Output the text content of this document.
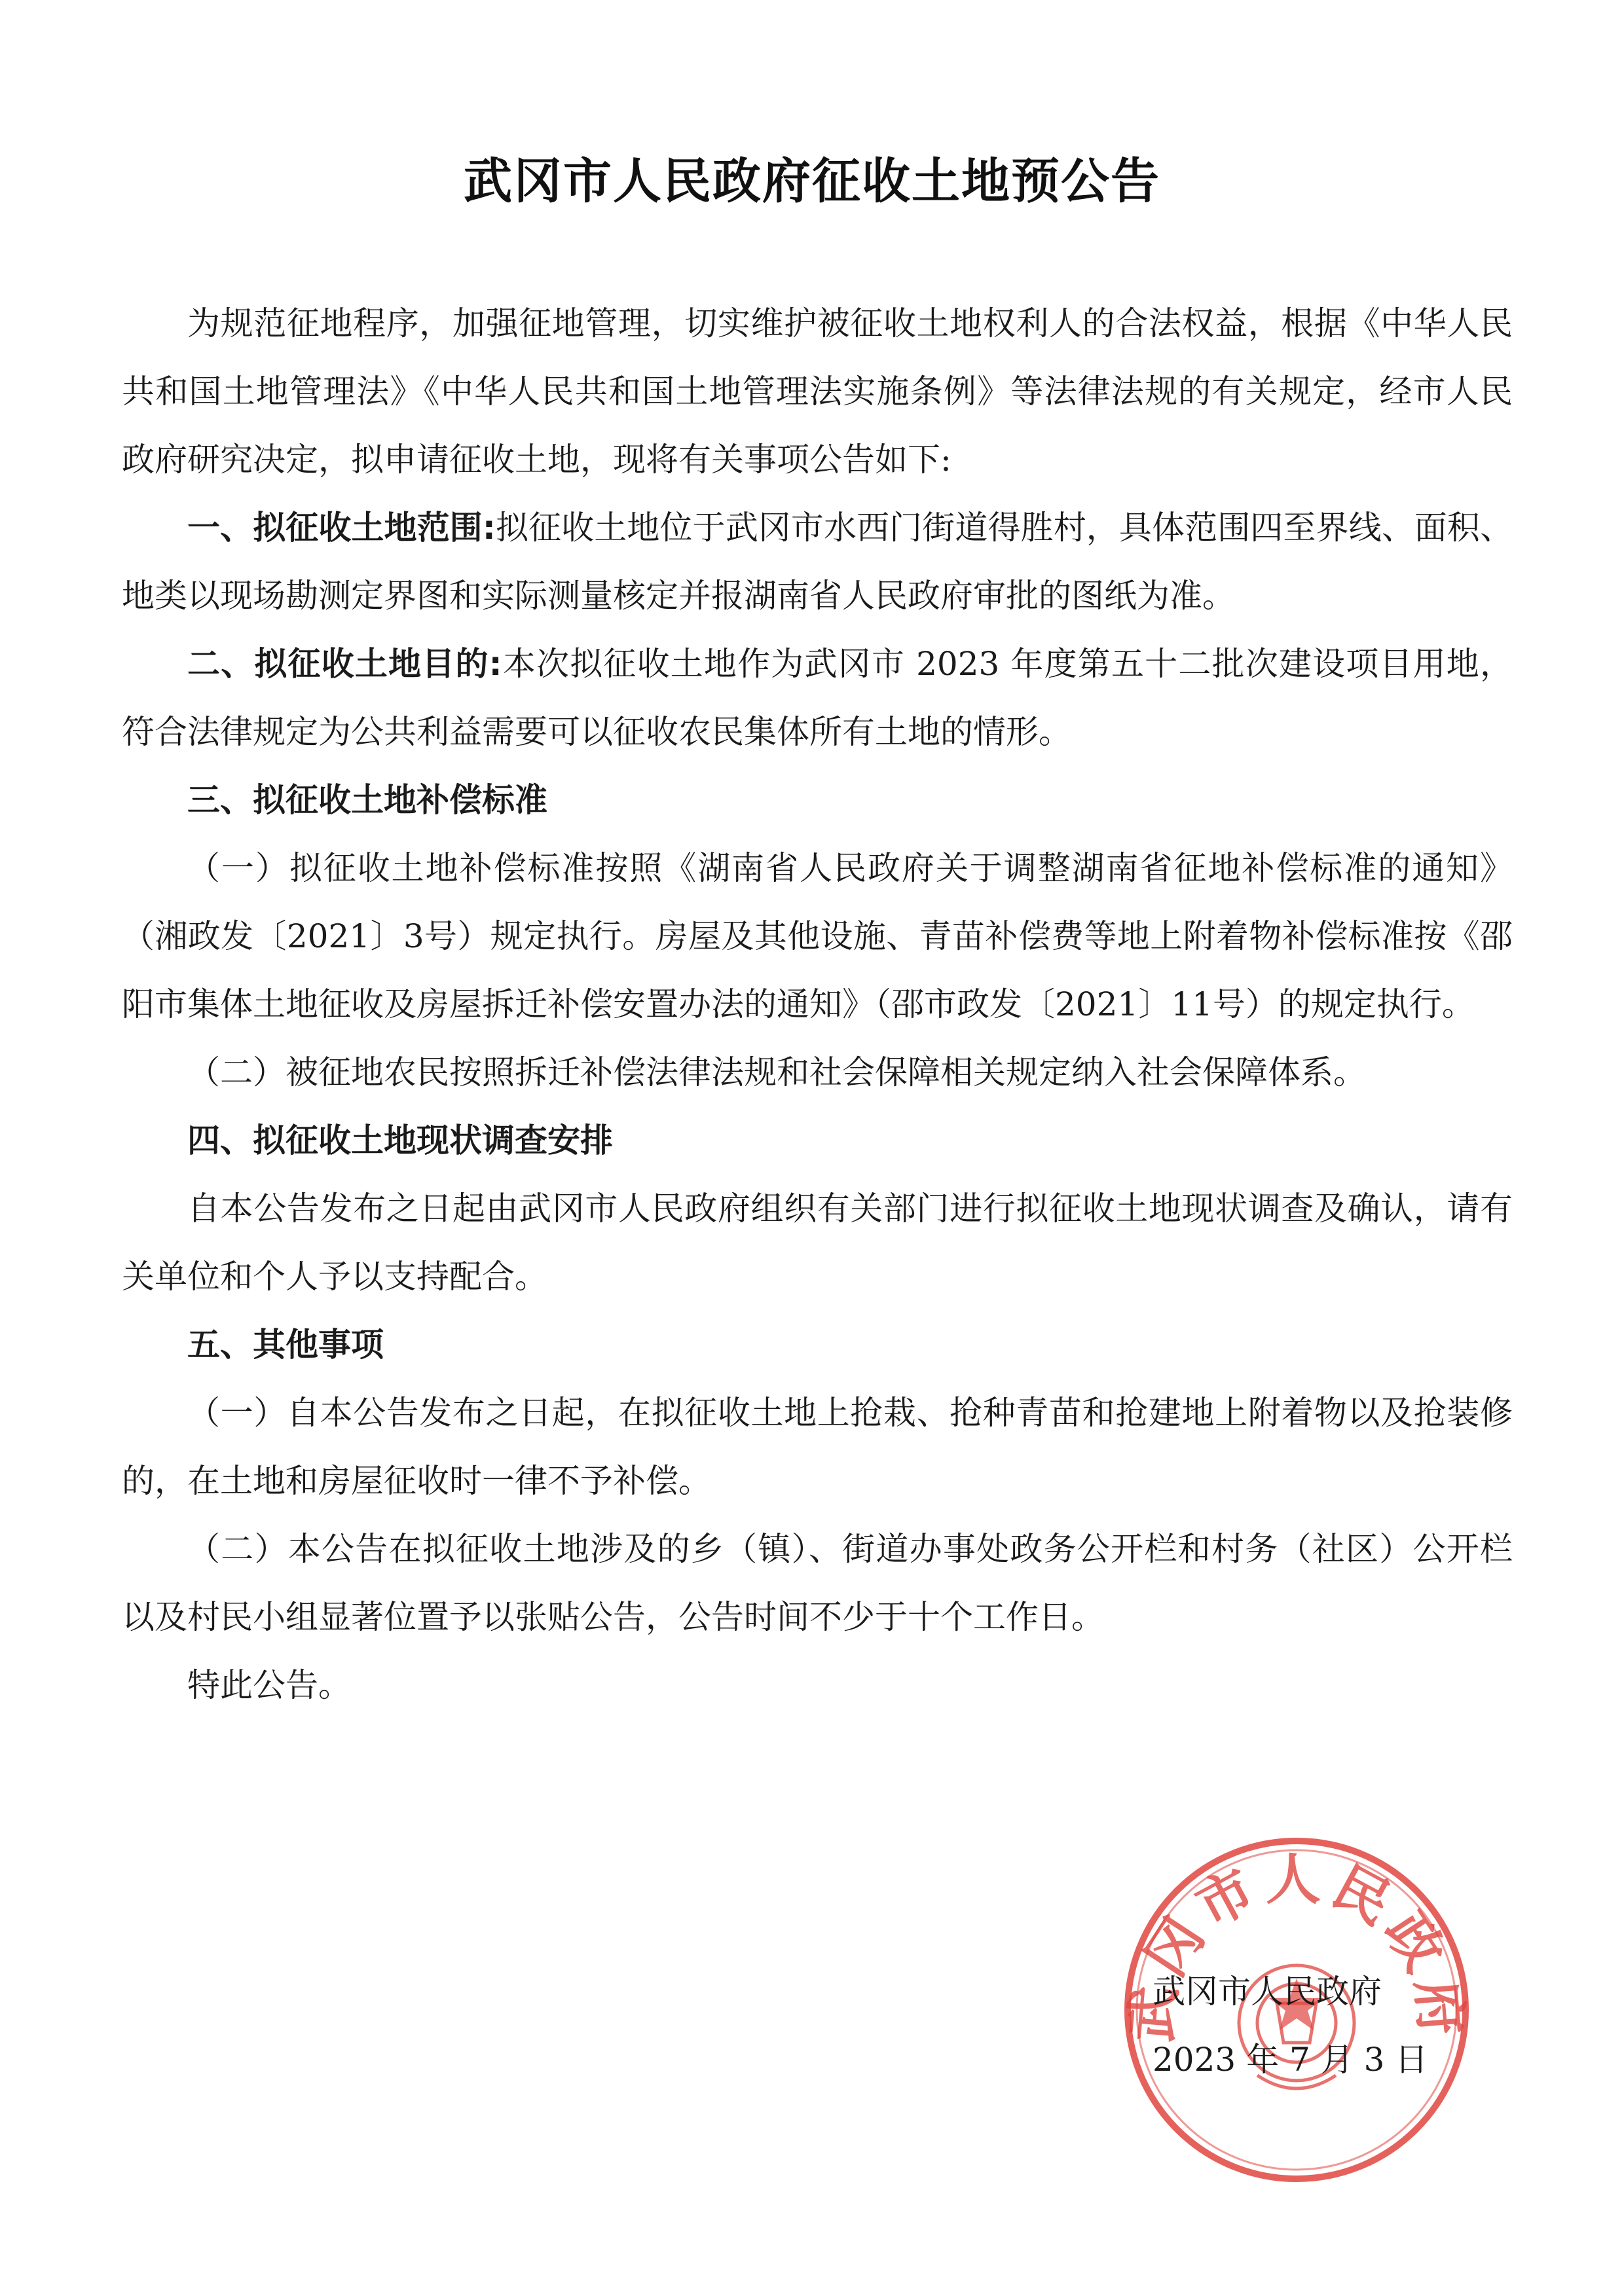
武冈市人民政府征收土地预公告

为规范征地程序，加强征地管理，切实维护被征收土地权利人的合法权益，根据《中华人民共和国土地管理法》《中华人民共和国土地管理法实施条例》等法律法规的有关规定，经市人民政府研究决定，拟申请征收土地，现将有关事项公告如下:

一、拟征收土地范围:拟征收土地位于武冈市水西门街道得胜村，具体范围四至界线、面积、地类以现场勘测定界图和实际测量核定并报湖南省人民政府审批的图纸为准。

二、拟征收土地目的:本次拟征收土地作为武冈市 2023 年度第五十二批次建设项目用地，符合法律规定为公共利益需要可以征收农民集体所有土地的情形。

三、拟征收土地补偿标准

（一）拟征收土地补偿标准按照《湖南省人民政府关于调整湖南省征地补偿标准的通知》（湘政发〔2021〕3号）规定执行。房屋及其他设施、青苗补偿费等地上附着物补偿标准按《邵阳市集体土地征收及房屋拆迁补偿安置办法的通知》（邵市政发〔2021〕11号）的规定执行。

（二）被征地农民按照拆迁补偿法律法规和社会保障相关规定纳入社会保障体系。

四、拟征收土地现状调查安排

自本公告发布之日起由武冈市人民政府组织有关部门进行拟征收土地现状调查及确认，请有关单位和个人予以支持配合。

五、其他事项

（一）自本公告发布之日起，在拟征收土地上抢栽、抢种青苗和抢建地上附着物以及抢装修的，在土地和房屋征收时一律不予补偿。

（二）本公告在拟征收土地涉及的乡（镇）、街道办事处政务公开栏和村务（社区）公开栏以及村民小组显著位置予以张贴公告，公告时间不少于十个工作日。

特此公告。

武冈市人民政府
武冈市人民政府
2023 年 7 月 3 日
